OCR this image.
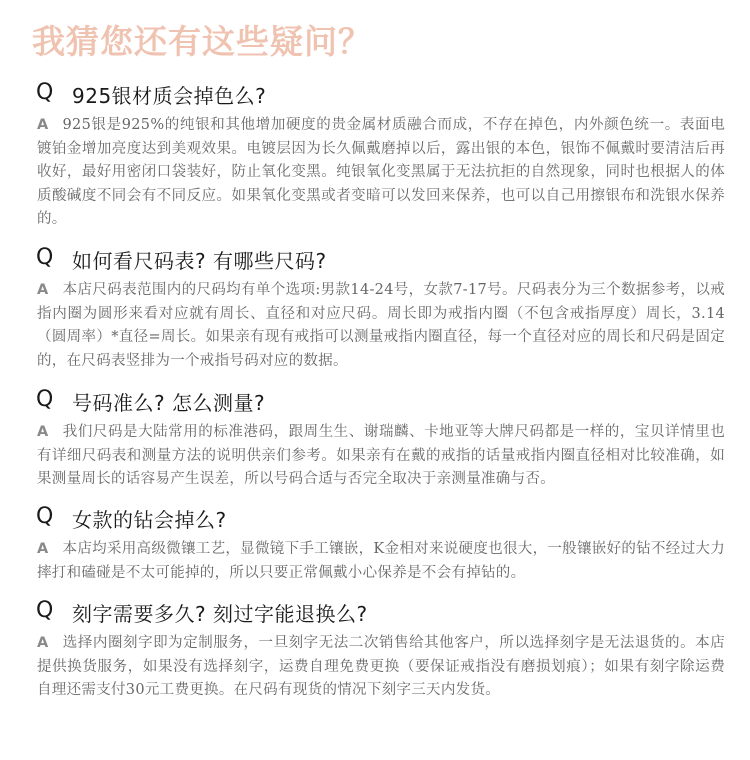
我猜您还有这些疑问？
Q 925银材质会掉色么?
A 925银是925%的纯银和其他增加硬度的贵金属材质融合而成，不存在掉色，内外颜色统一。表面电镀铂金增加亮度达到美观效果。电镀层因为长久佩戴磨掉以后，露出银的本色，银饰不佩戴时要清洁后再收好，最好用密闭口袋装好，防止氧化变黑。纯银氧化变黑属于无法抗拒的自然现象，同时也根据人的体质酸碱度不同会有不同反应。如果氧化变黑或者变暗可以发回来保养，也可以自己用擦银布和洗银水保养的。
Q 如何看尺码表? 有哪些尺码?
A 本店尺码表范围内的尺码均有单个选项:男款14-24号，女款7-17号。尺码表分为三个数据参考，以戒指内圈为圆形来看对应就有周长、直径和对应尺码。周长即为戒指内圈（不包含戒指厚度）周长，3.14（圆周率）*直径=周长。如果亲有现有戒指可以测量戒指内圈直径，每一个直径对应的周长和尺码是固定的，在尺码表竖排为一个戒指号码对应的数据。
Q 号码准么? 怎么测量?
A 我们尺码是大陆常用的标准港码，跟周生生、谢瑞麟、卡地亚等大牌尺码都是一样的，宝贝详情里也有详细尺码表和测量方法的说明供亲们参考。如果亲有在戴的戒指的话量戒指内圈直径相对比较准确，如果测量周长的话容易产生误差，所以号码合适与否完全取决于亲测量准确与否。
Q 女款的钻会掉么?
A 本店均采用高级微镶工艺，显微镜下手工镶嵌，K金相对来说硬度也很大，一般镶嵌好的钻不经过大力摔打和磕碰是不太可能掉的，所以只要正常佩戴小心保养是不会有掉钻的。
Q 刻字需要多久? 刻过字能退换么?
A 选择内圈刻字即为定制服务，一旦刻字无法二次销售给其他客户，所以选择刻字是无法退货的。本店提供换货服务，如果没有选择刻字，运费自理免费更换（要保证戒指没有磨损划痕）；如果有刻字除运费自理还需支付30元工费更换。在尺码有现货的情况下刻字三天内发货。
